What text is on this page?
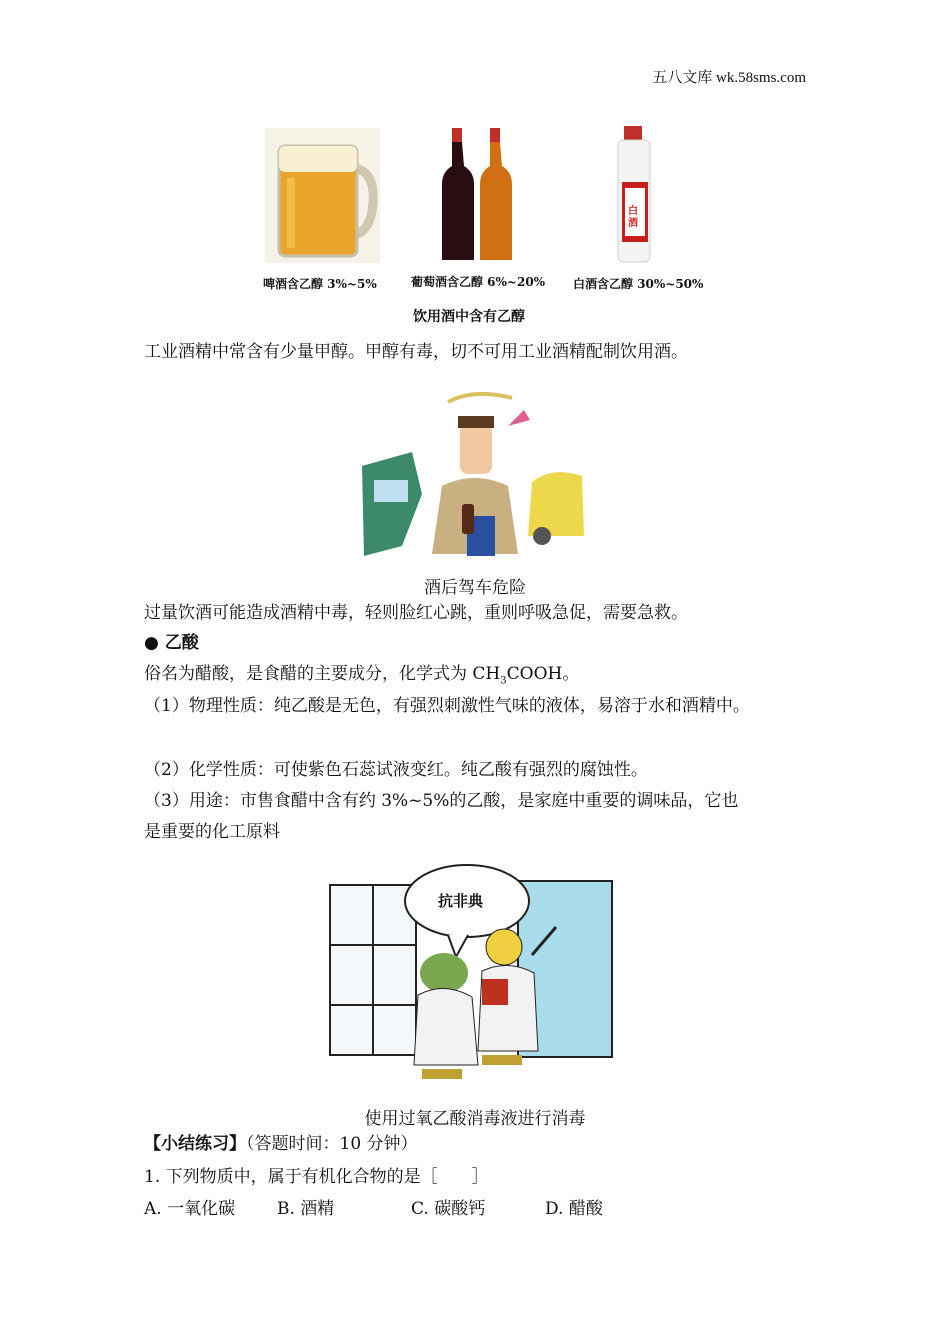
五八文库 wk.58sms.com
白酒
啤酒含乙醇 3%~5%	葡萄酒含乙醇 6%~20% 白酒含乙醇 30%~50%
饮用酒中含有乙醇
工业酒精中常含有少量甲醇。甲醇有毒，切不可用工业酒精配制饮用酒。
酒后驾车危险
过量饮酒可能造成酒精中毒，轻则脸红心跳，重则呼吸急促，需要急救。
● 乙酸
俗名为醋酸，是食醋的主要成分，化学式为 $CH_3COOH$。
（1）物理性质：纯乙酸是无色，有强烈刺激性气味的液体，易溶于水和酒精中。
（2）化学性质：可使紫色石蕊试液变红。纯乙酸有强烈的腐蚀性。
（3）用途：市售食醋中含有约 3%~5%的乙酸，是家庭中重要的调味品，它也
是重要的化工原料
抗非典
使用过氧乙酸消毒液进行消毒
【小结练习】（答题时间：10 分钟）
1. 下列物质中，属于有机化合物的是［　　］
A. 一氧化碳 B. 酒精	C. 碳酸钙	D. 醋酸
